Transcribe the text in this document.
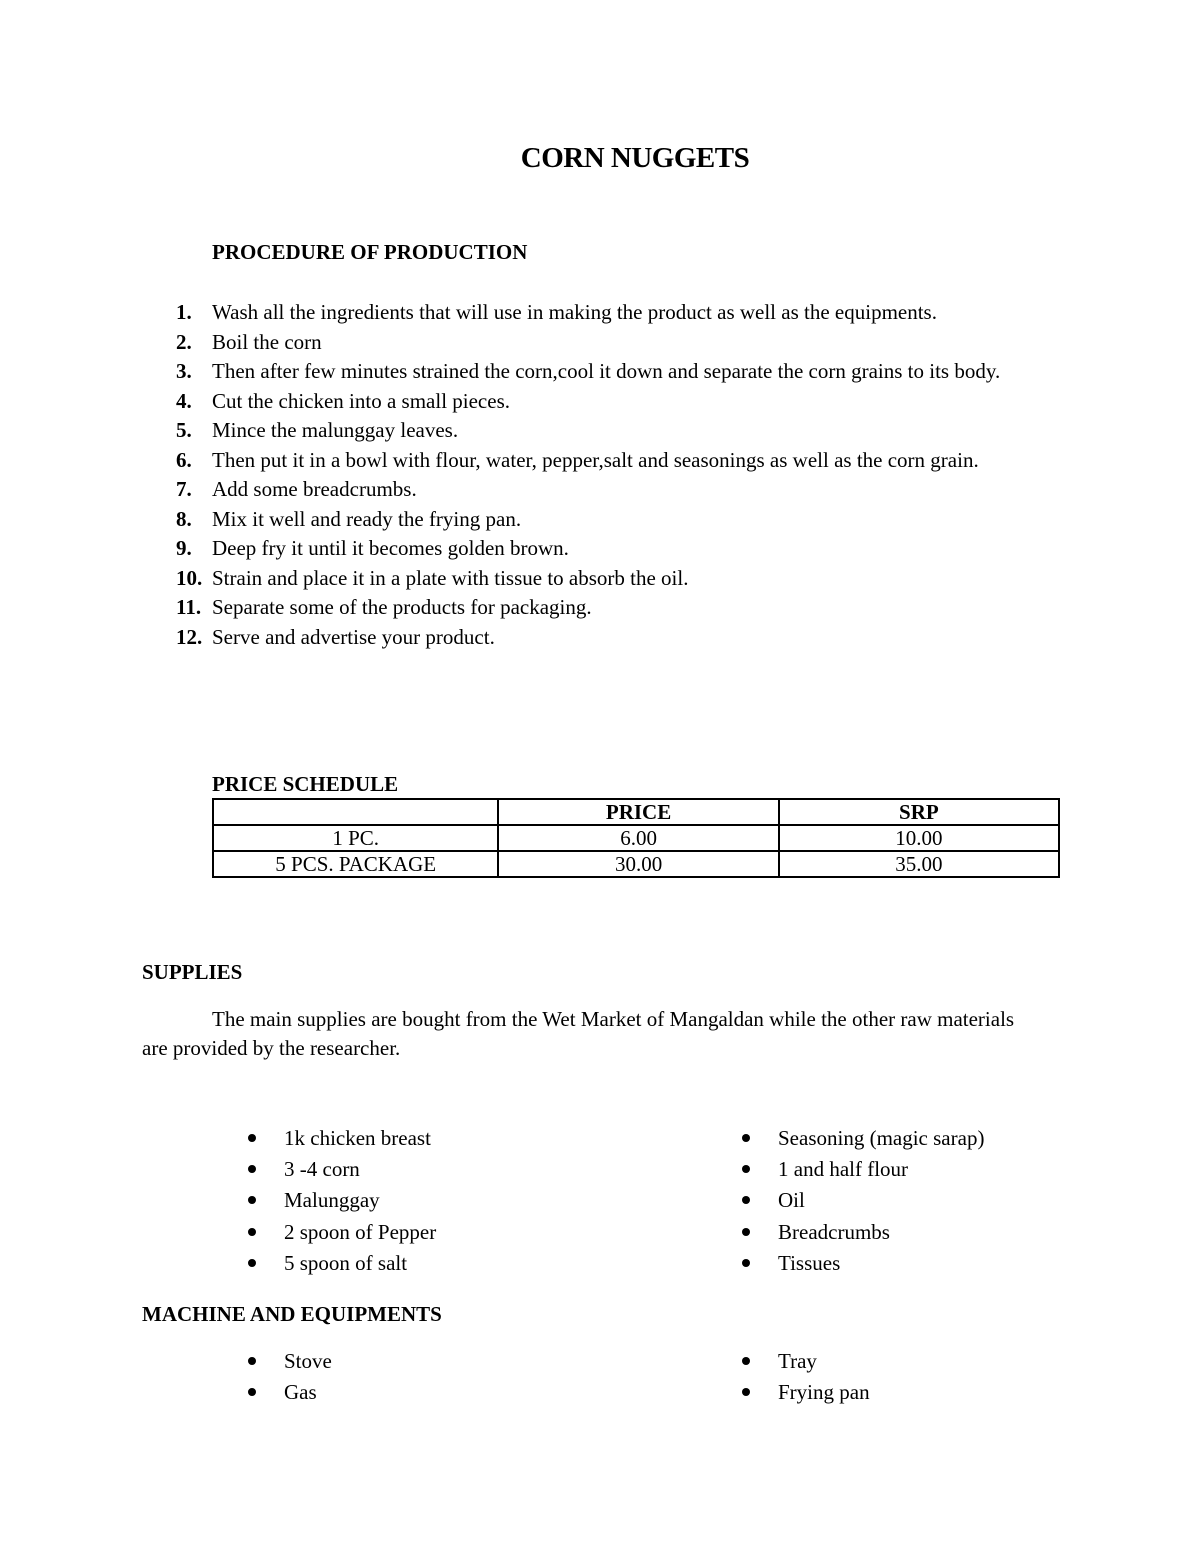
CORN NUGGETS
PROCEDURE OF PRODUCTION
1. Wash all the ingredients that will use in making the product as well as the equipments.
2. Boil the corn
3. Then after few minutes strained the corn,cool it down and separate the corn grains to its body.
4. Cut the chicken into a small pieces.
5. Mince the malunggay leaves.
6. Then put it in a bowl with flour, water, pepper,salt and seasonings as well as the corn grain.
7. Add some breadcrumbs.
8. Mix it well and ready the frying pan.
9. Deep fry it until it becomes golden brown.
10. Strain and place it in a plate with tissue to absorb the oil.
11. Separate some of the products for packaging.
12. Serve and advertise your product.
PRICE SCHEDULE
	PRICE	SRP
1 PC.	6.00	10.00
5 PCS. PACKAGE	30.00	35.00
SUPPLIES

The main supplies are bought from the Wet Market of Mangaldan while the other raw materials are provided by the researcher.

1k chicken breast
3 -4 corn
Malunggay
2 spoon of Pepper
5 spoon of salt
Seasoning (magic sarap)
1 and half flour
Oil
Breadcrumbs
Tissues
MACHINE AND EQUIPMENTS
Stove
Gas
Tray
Frying pan
